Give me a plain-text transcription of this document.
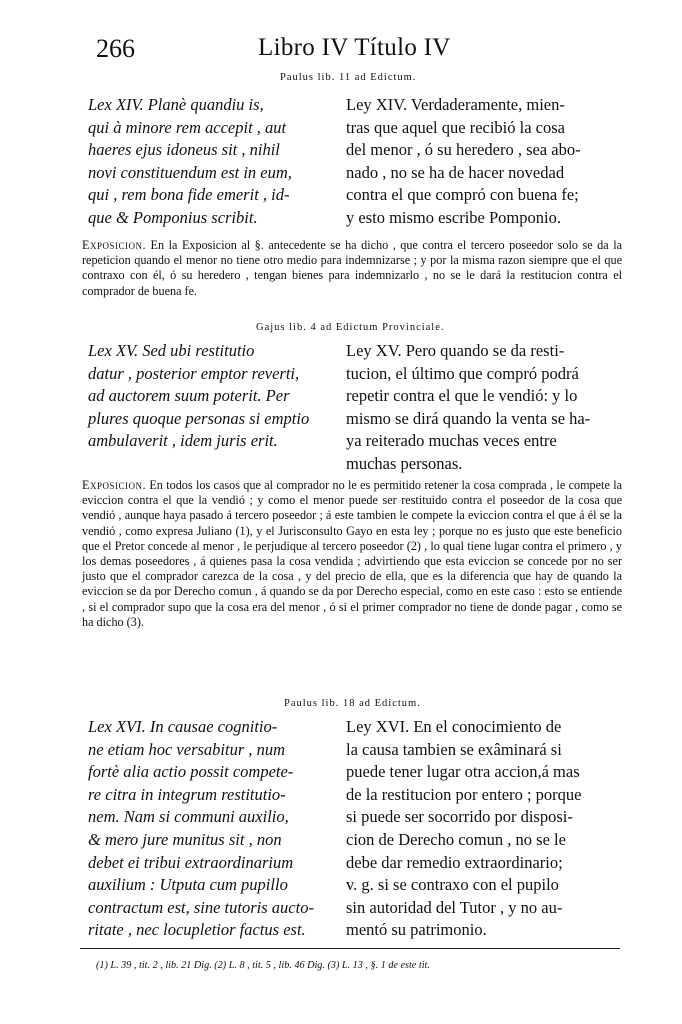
266	Libro IV Título IV
Paulus lib. 11 ad Edictum.
Lex XIV. Planè quandiu is,
qui à minore rem accepit , aut
haeres ejus idoneus sit , nihil
novi constituendum est in eum,
qui , rem bona fide emerit , id-
que & Pomponius scribit.
Ley XIV. Verdaderamente, mien-
tras que aquel que recibió la cosa
del menor , ó su heredero , sea abo-
nado , no se ha de hacer novedad
contra el que compró con buena fe;
y esto mismo escribe Pomponio.
Exposicion. En la Exposicion al §. antecedente se ha dicho , que contra el tercero poseedor solo se da la repeticion quando el menor no tiene otro medio para indemnizarse ; y por la misma razon siempre que el que contraxo con él, ó su heredero , tengan bienes para indemnizarlo , no se le dará la restitucion contra el comprador de buena fe.
Gajus lib. 4 ad Edictum Provinciale.
Lex XV. Sed ubi restitutio
datur , posterior emptor reverti,
ad auctorem suum poterit. Per
plures quoque personas si emptio
ambulaverit , idem juris erit.
Ley XV. Pero quando se da resti-
tucion, el último que compró podrá
repetir contra el que le vendió: y lo
mismo se dirá quando la venta se ha-
ya reiterado muchas veces entre
muchas personas.
Exposicion. En todos los casos que al comprador no le es permitido retener la cosa comprada , le compete la eviccion contra el que la vendió ; y como el menor puede ser restituido contra el poseedor de la cosa que vendió , aunque haya pasado á tercero poseedor ; á este tambien le compete la eviccion contra el que á él se la vendió , como expresa Juliano (1), y el Jurisconsulto Gayo en esta ley ; porque no es justo que este beneficio que el Pretor concede al menor , le perjudique al tercero poseedor (2) , lo qual tiene lugar contra el primero , y los demas poseedores , á quienes pasa la cosa vendida ; advirtiendo que esta eviccion se concede por no ser justo que el comprador carezca de la cosa , y del precio de ella, que es la diferencia que hay de quando la eviccion se da por Derecho comun , á quando se da por Derecho especial, como en este caso : esto se entiende , si el comprador supo que la cosa era del menor , ó si el primer comprador no tiene de donde pagar , como se ha dicho (3).
Paulus lib. 18 ad Edictum.
Lex XVI. In causae cognitio-
ne etiam hoc versabitur , num
fortè alia actio possit compete-
re citra in integrum restitutio-
nem. Nam si communi auxilio,
& mero jure munitus sit , non
debet ei tribui extraordinarium
auxilium : Utputa cum pupillo
contractum est, sine tutoris aucto-
ritate , nec locupletior factus est.
Ley XVI. En el conocimiento de
la causa tambien se exâminará si
puede tener lugar otra accion,á mas
de la restitucion por entero ; porque
si puede ser socorrido por disposi-
cion de Derecho comun , no se le
debe dar remedio extraordinario;
v. g. si se contraxo con el pupilo
sin autoridad del Tutor , y no au-
mentó su patrimonio.
(1) L. 39 , tit. 2 , lib. 21 Dig. (2) L. 8 , tit. 5 , lib. 46 Dig. (3) L. 13 , §. 1 de este tit.
